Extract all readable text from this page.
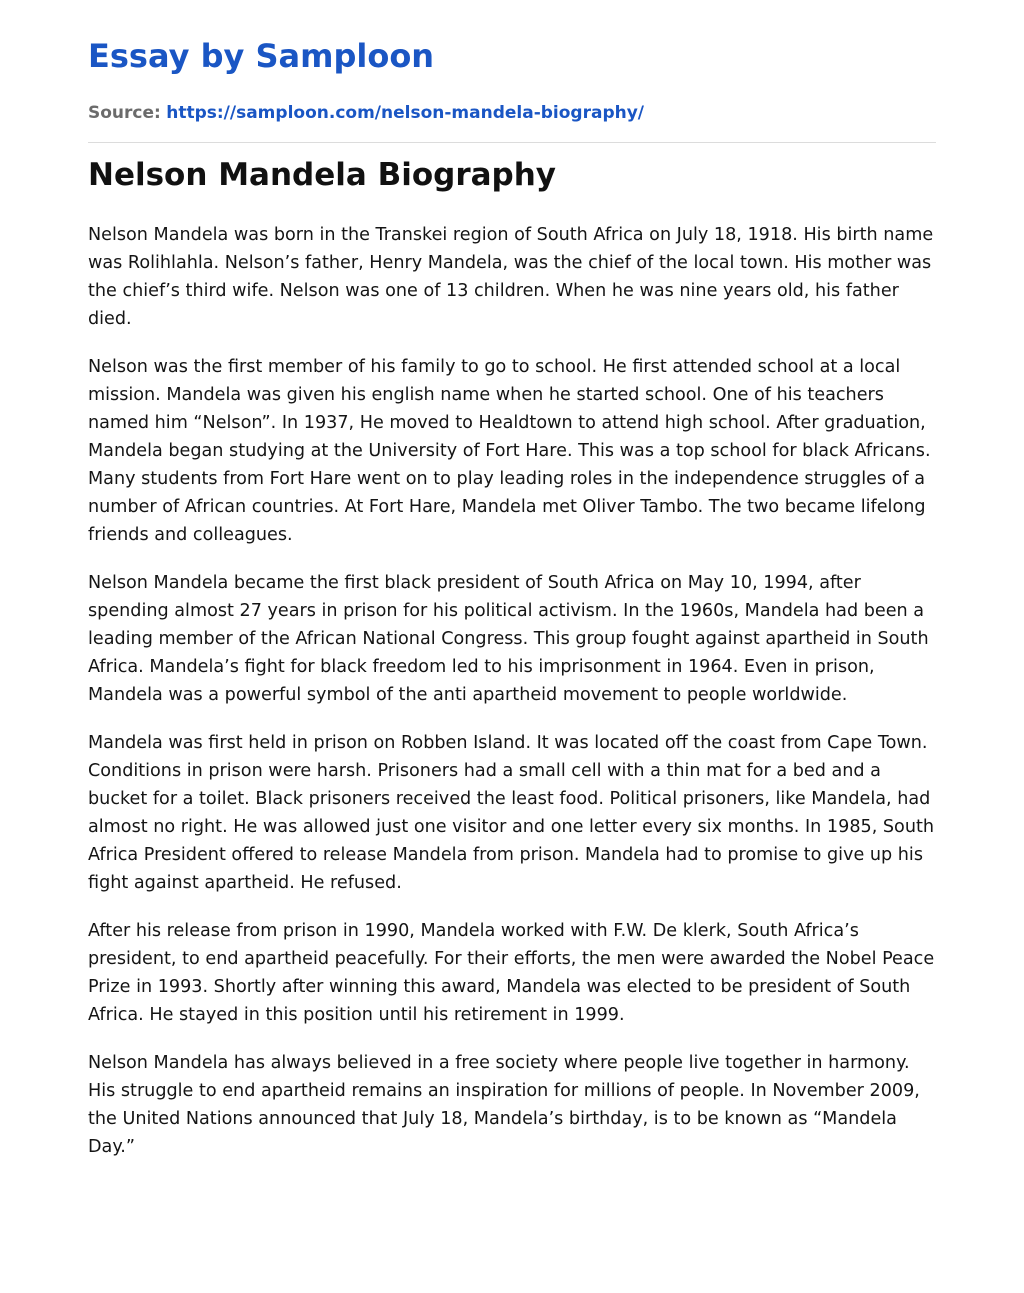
Essay by Samploon

Source: https://samploon.com/nelson-mandela-biography/

Nelson Mandela Biography

Nelson Mandela was born in the Transkei region of South Africa on July 18, 1918. His birth name was Rolihlahla. Nelson’s father, Henry Mandela, was the chief of the local town. His mother was the chief’s third wife. Nelson was one of 13 children. When he was nine years old, his father died.

Nelson was the first member of his family to go to school. He first attended school at a local mission. Mandela was given his english name when he started school. One of his teachers named him “Nelson”. In 1937, He moved to Healdtown to attend high school. After graduation, Mandela began studying at the University of Fort Hare. This was a top school for black Africans. Many students from Fort Hare went on to play leading roles in the independence struggles of a number of African countries. At Fort Hare, Mandela met Oliver Tambo. The two became lifelong friends and colleagues.

Nelson Mandela became the first black president of South Africa on May 10, 1994, after spending almost 27 years in prison for his political activism. In the 1960s, Mandela had been a leading member of the African National Congress. This group fought against apartheid in South Africa. Mandela’s fight for black freedom led to his imprisonment in 1964. Even in prison, Mandela was a powerful symbol of the anti apartheid movement to people worldwide.

Mandela was first held in prison on Robben Island. It was located off the coast from Cape Town. Conditions in prison were harsh. Prisoners had a small cell with a thin mat for a bed and a bucket for a toilet. Black prisoners received the least food. Political prisoners, like Mandela, had almost no right. He was allowed just one visitor and one letter every six months. In 1985, South Africa President offered to release Mandela from prison. Mandela had to promise to give up his fight against apartheid. He refused.

After his release from prison in 1990, Mandela worked with F.W. De klerk, South Africa’s president, to end apartheid peacefully. For their efforts, the men were awarded the Nobel Peace Prize in 1993. Shortly after winning this award, Mandela was elected to be president of South Africa. He stayed in this position until his retirement in 1999.

Nelson Mandela has always believed in a free society where people live together in harmony. His struggle to end apartheid remains an inspiration for millions of people. In November 2009, the United Nations announced that July 18, Mandela’s birthday, is to be known as “Mandela Day.”
